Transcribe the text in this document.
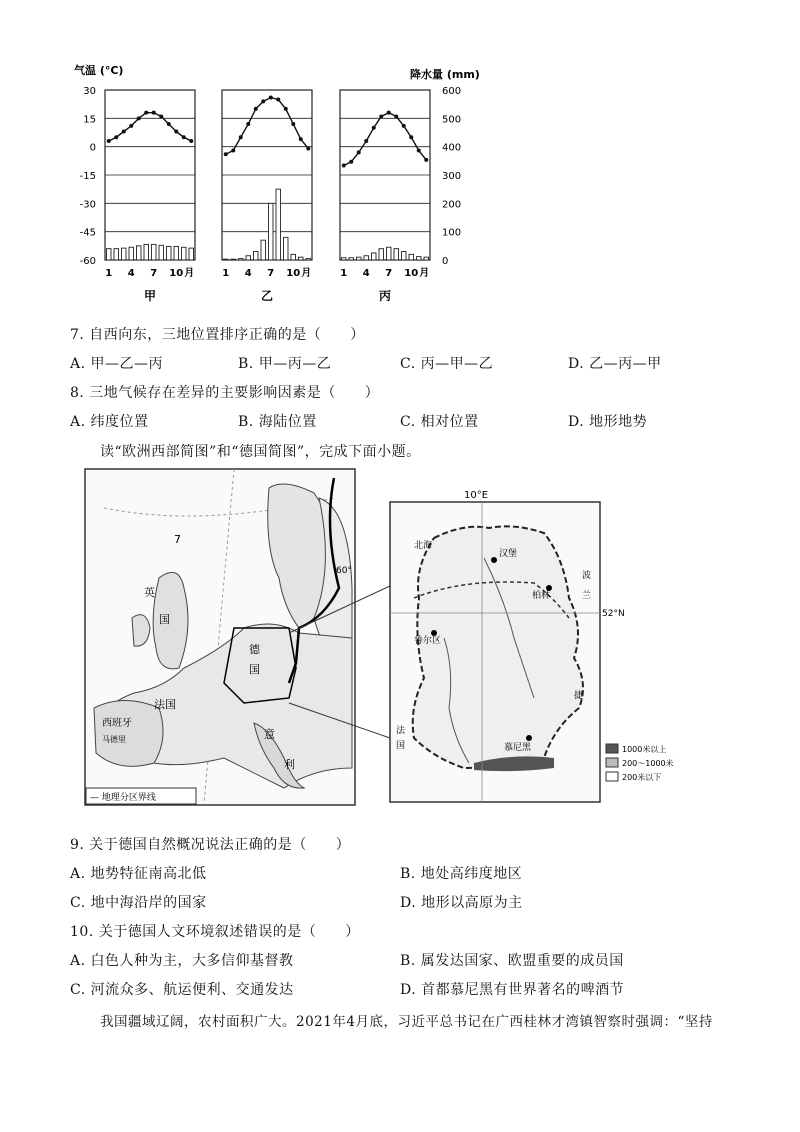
气温 (°C)	降水量 (mm)
30
15
0
-15
-30
-45
-60
600
500
400
300
200
100
0
1 4 7 10 月
甲
1 4 7 10 月
乙
1 4 7 10 月
丙
7. 自西向东，三地位置排序正确的是（　　）
A. 甲—乙—丙	B. 甲—丙—乙	C. 丙—甲—乙	D. 乙—丙—甲
8. 三地气候存在差异的主要影响因素是（　　）
A. 纬度位置	B. 海陆位置	C. 相对位置	D. 地形地势
读“欧洲西部简图”和“德国简图”，完成下面小题。
7
英
国
法国
西班牙
马德里
德
国
意
利
60°
— 地理分区界线
10°E
52°N
北海
汉堡
柏林
鲁尔区
慕尼黑
波
捷
兰
法
国	1000米以上
200～1000米
200米以下
9. 关于德国自然概况说法正确的是（　　）
A. 地势特征南高北低	B. 地处高纬度地区
C. 地中海沿岸的国家	D. 地形以高原为主
10. 关于德国人文环境叙述错误的是（　　）
A. 白色人种为主，大多信仰基督教	B. 属发达国家、欧盟重要的成员国
C. 河流众多、航运便利、交通发达	D. 首都慕尼黑有世界著名的啤酒节
我国疆域辽阔，农村面积广大。2021年4月底，习近平总书记在广西桂林才湾镇智察时强调：“坚持
